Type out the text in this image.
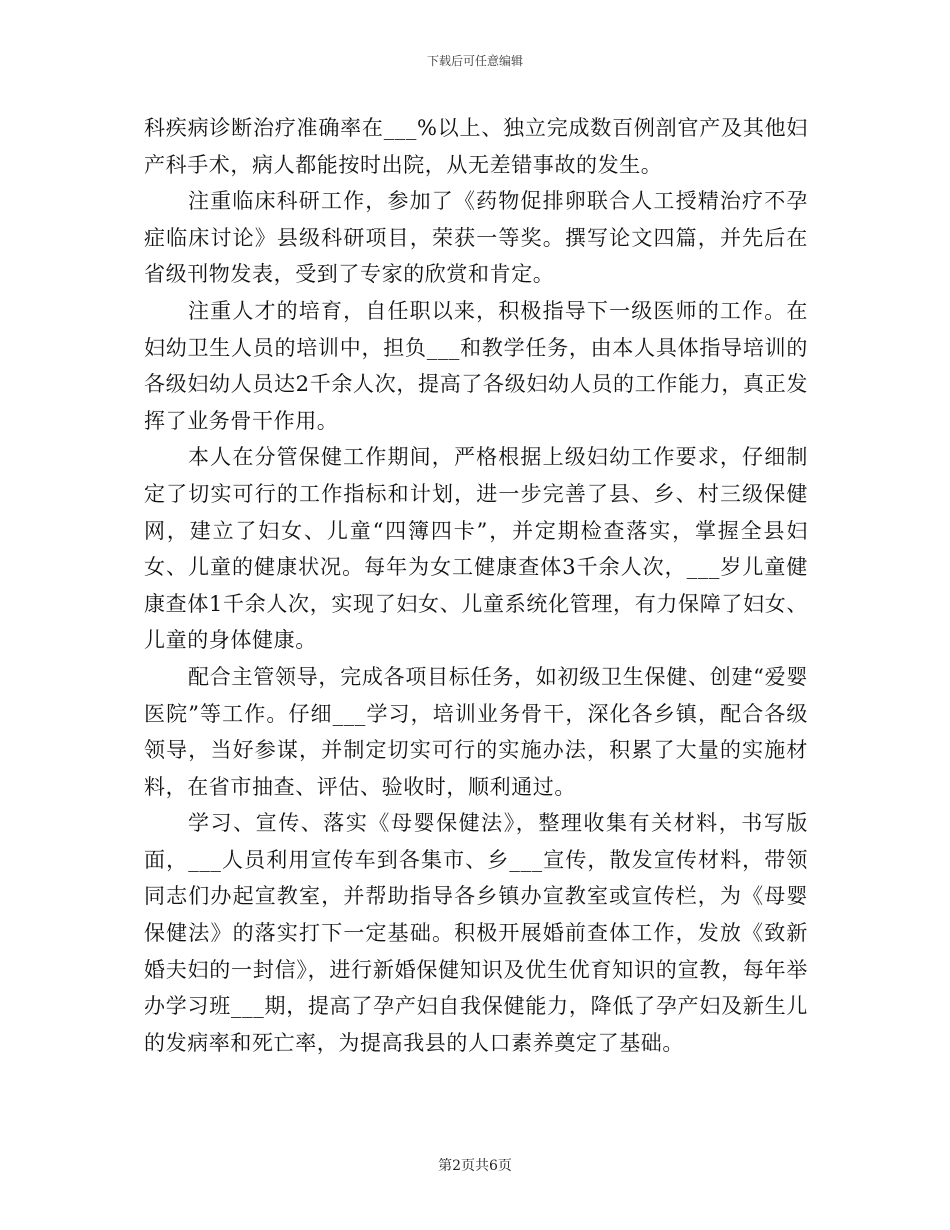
下载后可任意编辑

科疾病诊断治疗准确率在___%以上、独立完成数百例剖官产及其他妇产科手术，病人都能按时出院，从无差错事故的发生。

注重临床科研工作，参加了《药物促排卵联合人工授精治疗不孕症临床讨论》县级科研项目，荣获一等奖。撰写论文四篇，并先后在省级刊物发表，受到了专家的欣赏和肯定。

注重人才的培育，自任职以来，积极指导下一级医师的工作。在妇幼卫生人员的培训中，担负___和教学任务，由本人具体指导培训的各级妇幼人员达2千余人次，提高了各级妇幼人员的工作能力，真正发挥了业务骨干作用。

本人在分管保健工作期间，严格根据上级妇幼工作要求，仔细制定了切实可行的工作指标和计划，进一步完善了县、乡、村三级保健网，建立了妇女、儿童“四簿四卡”，并定期检查落实，掌握全县妇女、儿童的健康状况。每年为女工健康查体3千余人次，___岁儿童健康查体1千余人次，实现了妇女、儿童系统化管理，有力保障了妇女、儿童的身体健康。

配合主管领导，完成各项目标任务，如初级卫生保健、创建“爱婴医院”等工作。仔细___学习，培训业务骨干，深化各乡镇，配合各级领导，当好参谋，并制定切实可行的实施办法，积累了大量的实施材料，在省市抽查、评估、验收时，顺利通过。

学习、宣传、落实《母婴保健法》，整理收集有关材料，书写版面，___人员利用宣传车到各集市、乡___宣传，散发宣传材料，带领同志们办起宣教室，并帮助指导各乡镇办宣教室或宣传栏，为《母婴保健法》的落实打下一定基础。积极开展婚前查体工作，发放《致新婚夫妇的一封信》，进行新婚保健知识及优生优育知识的宣教，每年举办学习班___期，提高了孕产妇自我保健能力，降低了孕产妇及新生儿的发病率和死亡率，为提高我县的人口素养奠定了基础。

第2页共6页
